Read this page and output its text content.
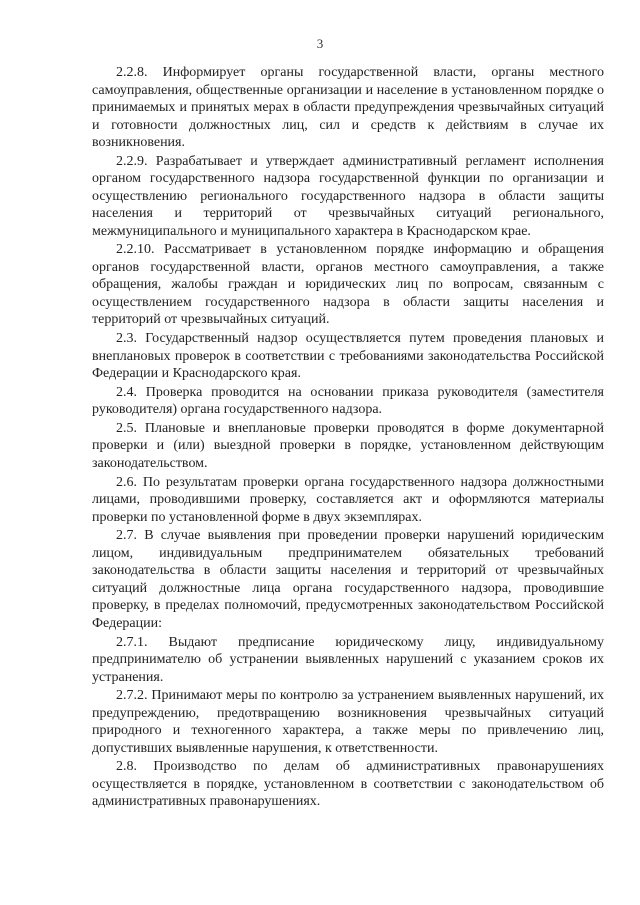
3

2.2.8. Информирует органы государственной власти, органы местного самоуправления, общественные организации и население в установленном порядке о принимаемых и принятых мерах в области предупреждения чрезвычайных ситуаций и готовности должностных лиц, сил и средств к действиям в случае их возникновения.

2.2.9. Разрабатывает и утверждает административный регламент исполнения органом государственного надзора государственной функции по организации и осуществлению регионального государственного надзора в области защиты населения и территорий от чрезвычайных ситуаций регионального, межмуниципального и муниципального характера в Краснодарском крае.

2.2.10. Рассматривает в установленном порядке информацию и обращения органов государственной власти, органов местного самоуправления, а также обращения, жалобы граждан и юридических лиц по вопросам, связанным с осуществлением государственного надзора в области защиты населения и территорий от чрезвычайных ситуаций.

2.3. Государственный надзор осуществляется путем проведения плановых и внеплановых проверок в соответствии с требованиями законодательства Российской Федерации и Краснодарского края.

2.4. Проверка проводится на основании приказа руководителя (заместителя руководителя) органа государственного надзора.

2.5. Плановые и внеплановые проверки проводятся в форме документарной проверки и (или) выездной проверки в порядке, установленном действующим законодательством.

2.6. По результатам проверки органа государственного надзора должностными лицами, проводившими проверку, составляется акт и оформляются материалы проверки по установленной форме в двух экземплярах.

2.7. В случае выявления при проведении проверки нарушений юридическим лицом, индивидуальным предпринимателем обязательных требований законодательства в области защиты населения и территорий от чрезвычайных ситуаций должностные лица органа государственного надзора, проводившие проверку, в пределах полномочий, предусмотренных законодательством Российской Федерации:

2.7.1. Выдают предписание юридическому лицу, индивидуальному предпринимателю об устранении выявленных нарушений с указанием сроков их устранения.

2.7.2. Принимают меры по контролю за устранением выявленных нарушений, их предупреждению, предотвращению возникновения чрезвычайных ситуаций природного и техногенного характера, а также меры по привлечению лиц, допустивших выявленные нарушения, к ответственности.

2.8. Производство по делам об административных правонарушениях осуществляется в порядке, установленном в соответствии с законодательством об административных правонарушениях.
